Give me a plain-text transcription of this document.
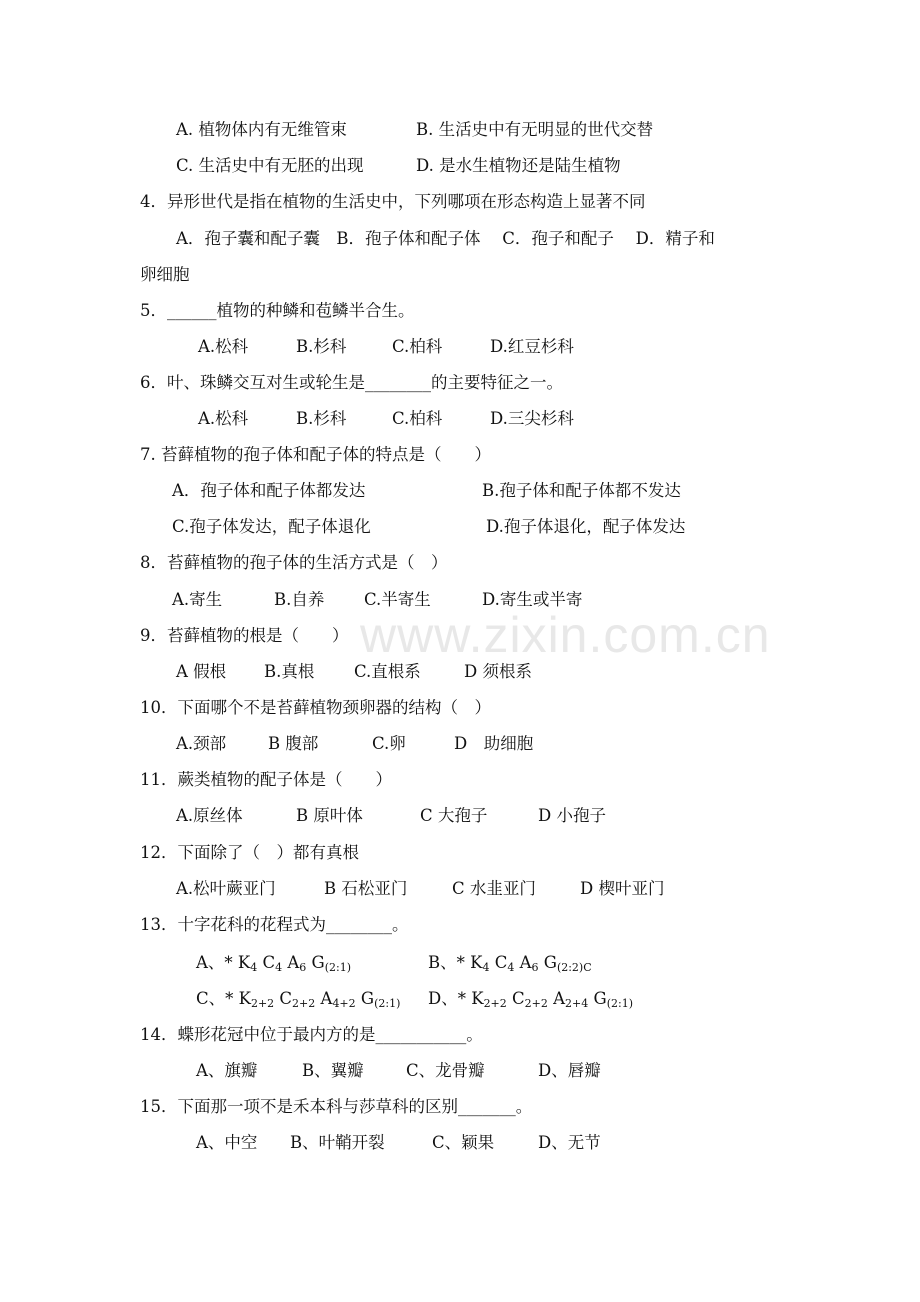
www.zixin.com.cn
A. 植物体内有无维管束	B. 生活史中有无明显的世代交替
C. 生活史中有无胚的出现	D. 是水生植物还是陆生植物
4．异形世代是指在植物的生活史中，下列哪项在形态构造上显著不同
A．孢子囊和配子囊　B．孢子体和配子体　 C．孢子和配子　 D．精子和
卵细胞
5．______植物的种鳞和苞鳞半合生。
A.松科	B.杉科	C.柏科	D.红豆杉科
6．叶、珠鳞交互对生或轮生是________的主要特征之一。
A.松科	B.杉科	C.柏科	D.三尖杉科
7. 苔藓植物的孢子体和配子体的特点是（　　）
A．孢子体和配子体都发达	B.孢子体和配子体都不发达
C.孢子体发达，配子体退化	D.孢子体退化，配子体发达
8．苔藓植物的孢子体的生活方式是（　）
A.寄生	B.自养 C.半寄生	D.寄生或半寄
9．苔藓植物的根是（　　）
A 假根 B.真根 C.直根系	D 须根系
10．下面哪个不是苔藓植物颈卵器的结构（　）
A.颈部	B 腹部	C.卵	D　助细胞
11．蕨类植物的配子体是（　　）
A.原丝体	B 原叶体	C 大孢子	D 小孢子
12．下面除了（　）都有真根
A.松叶蕨亚门	B 石松亚门	C 水韭亚门	D 楔叶亚门
13．十字花科的花程式为________。
A、* $K_4$ $C_4$ $A_6$ $G_{(2:1)}$	B、* $K_4$ $C_4$ $A_6$ $G_{(2:2)C}$
C、* $K_{2+2}$ $C_{2+2}$ $A_{4+2}$ $G_{(2:1)}$ D、* $K_{2+2}$ $C_{2+2}$ $A_{2+4}$ $G_{(2:1)}$
14．蝶形花冠中位于最内方的是___________。
A、旗瓣	B、翼瓣	C、龙骨瓣	D、唇瓣
15．下面那一项不是禾本科与莎草科的区别_______。
A、中空 B、叶鞘开裂	C、颖果	D、无节
